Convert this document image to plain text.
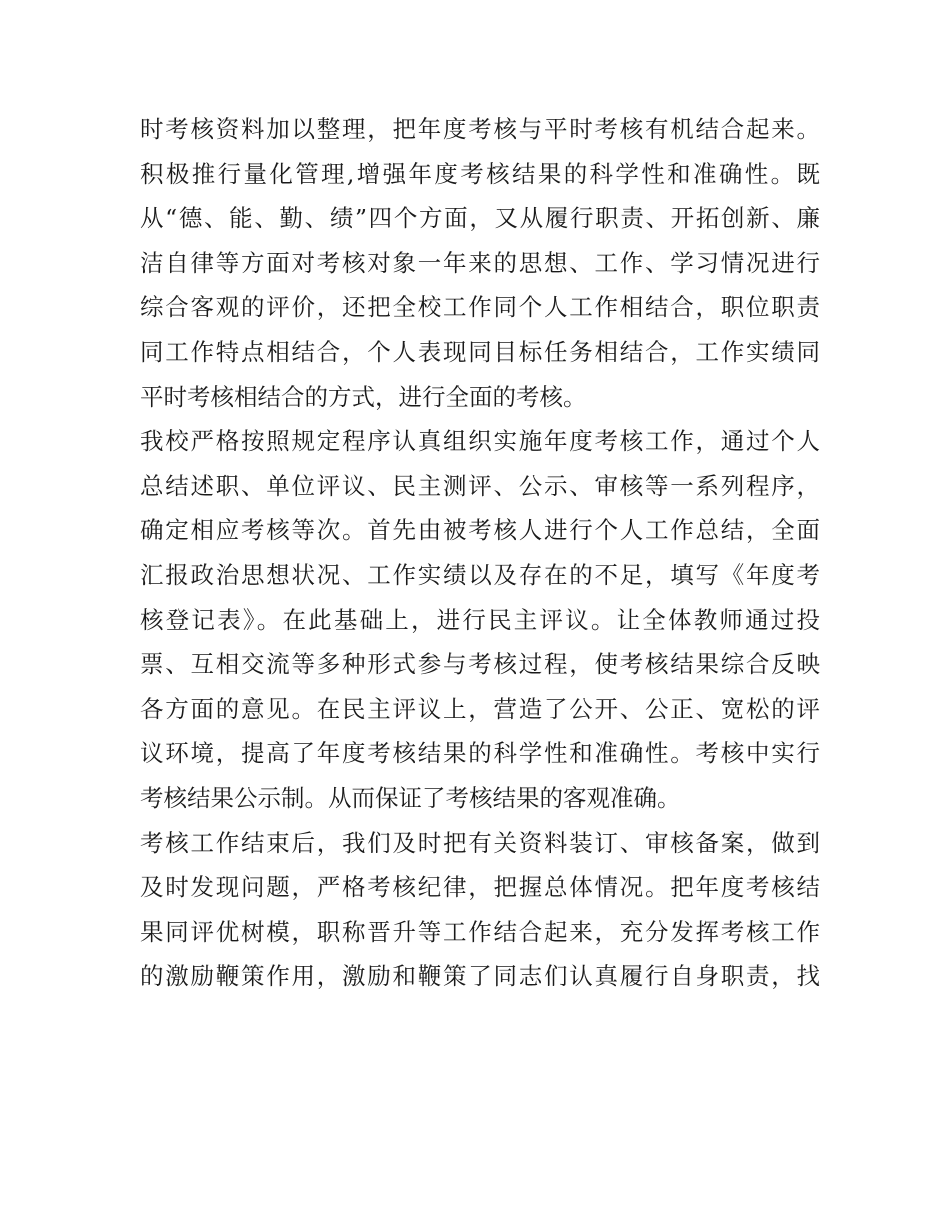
时考核资料加以整理，把年度考核与平时考核有机结合起来。
积极推行量化管理,增强年度考核结果的科学性和准确性。既
从“德、能、勤、绩”四个方面，又从履行职责、开拓创新、廉
洁自律等方面对考核对象一年来的思想、工作、学习情况进行
综合客观的评价，还把全校工作同个人工作相结合，职位职责
同工作特点相结合，个人表现同目标任务相结合，工作实绩同
平时考核相结合的方式，进行全面的考核。
我校严格按照规定程序认真组织实施年度考核工作，通过个人
总结述职、单位评议、民主测评、公示、审核等一系列程序，
确定相应考核等次。首先由被考核人进行个人工作总结，全面
汇报政治思想状况、工作实绩以及存在的不足，填写《年度考
核登记表》。在此基础上，进行民主评议。让全体教师通过投
票、互相交流等多种形式参与考核过程，使考核结果综合反映
各方面的意见。在民主评议上，营造了公开、公正、宽松的评
议环境，提高了年度考核结果的科学性和准确性。考核中实行
考核结果公示制。从而保证了考核结果的客观准确。
考核工作结束后，我们及时把有关资料装订、审核备案，做到
及时发现问题，严格考核纪律，把握总体情况。把年度考核结
果同评优树模，职称晋升等工作结合起来，充分发挥考核工作
的激励鞭策作用，激励和鞭策了同志们认真履行自身职责，找
